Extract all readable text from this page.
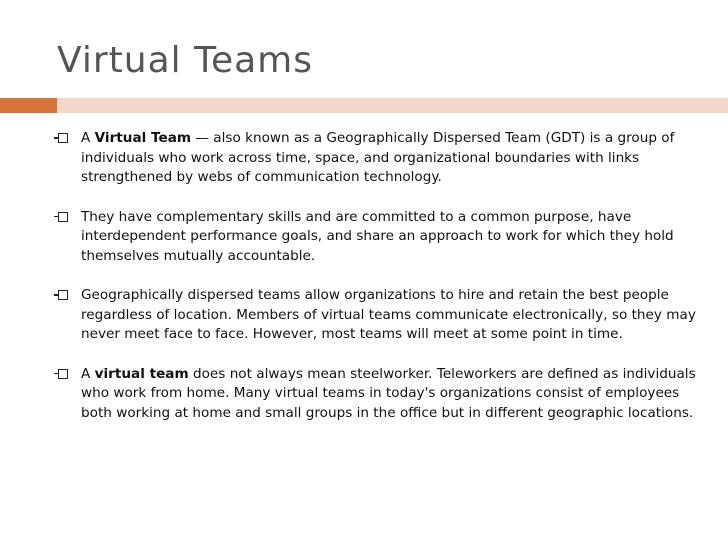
Virtual Teams
A Virtual Team — also known as a Geographically Dispersed Team (GDT) is a group of individuals who work across time, space, and organizational boundaries with links strengthened by webs of communication technology.
They have complementary skills and are committed to a common purpose, have interdependent performance goals, and share an approach to work for which they hold themselves mutually accountable.
Geographically dispersed teams allow organizations to hire and retain the best people regardless of location. Members of virtual teams communicate electronically, so they may never meet face to face. However, most teams will meet at some point in time.
A virtual team does not always mean steelworker. Teleworkers are defined as individuals who work from home. Many virtual teams in today's organizations consist of employees both working at home and small groups in the office but in different geographic locations.
